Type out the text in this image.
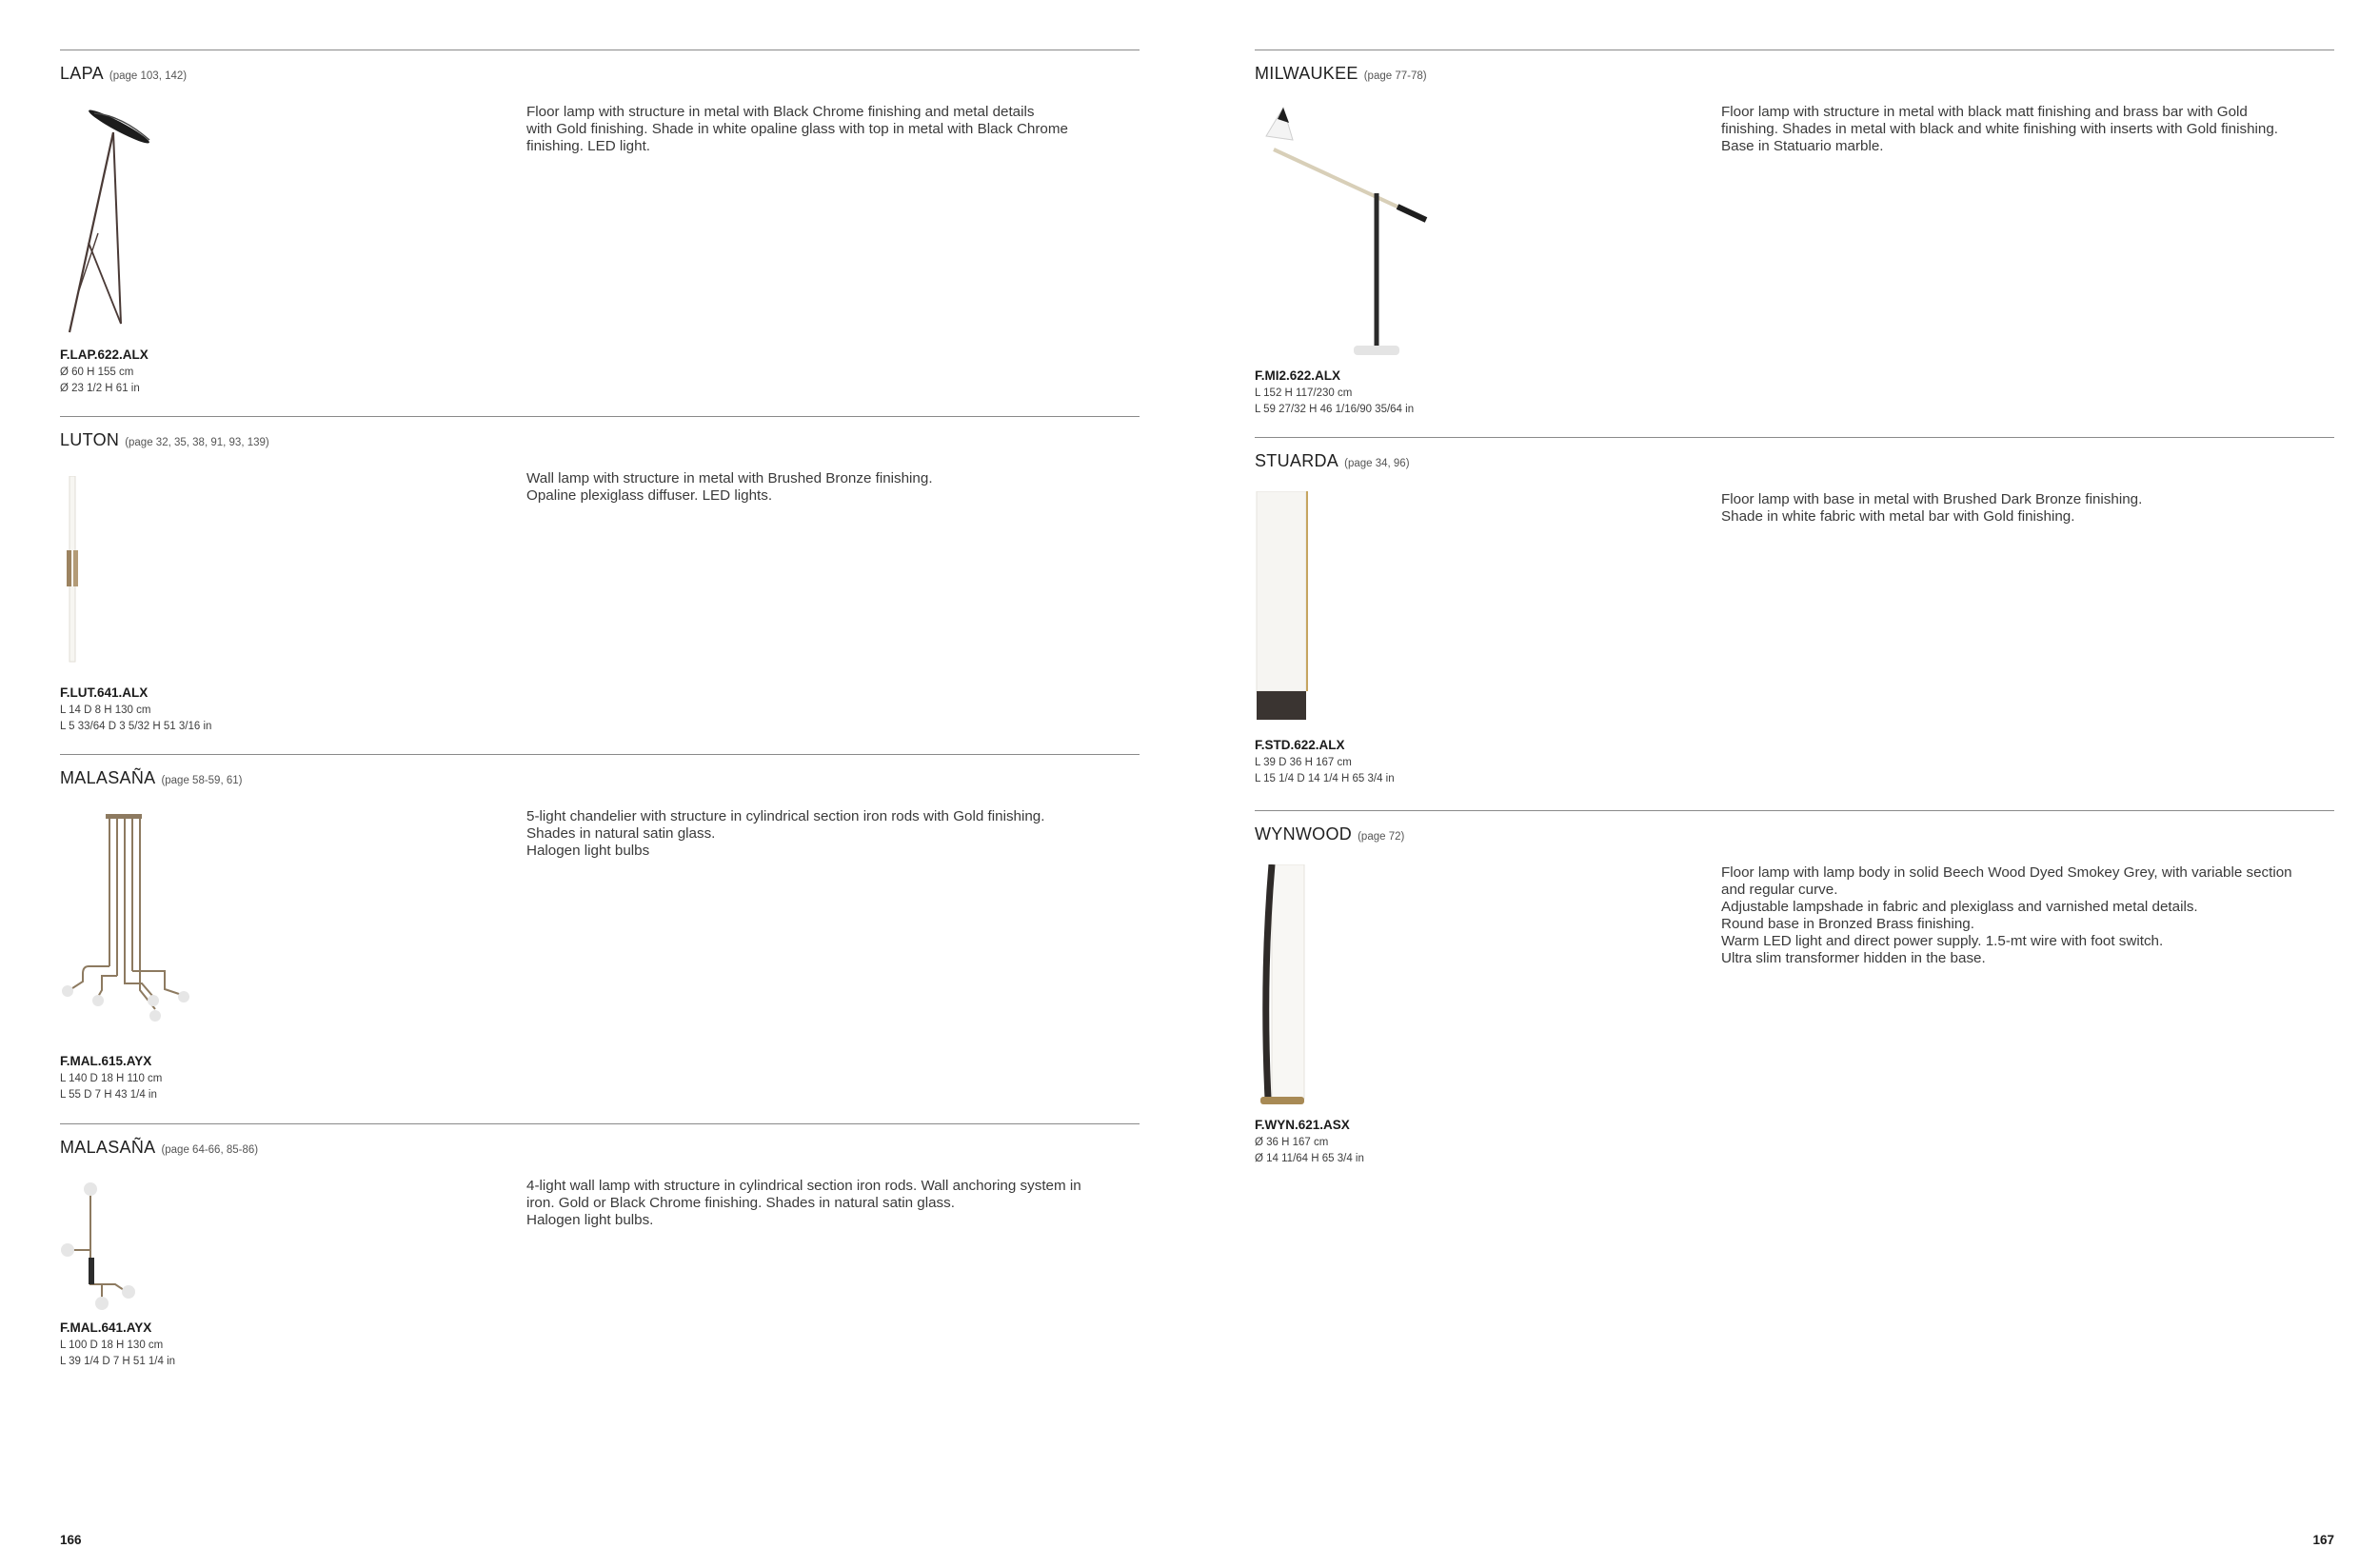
LAPA (page 103, 142)
Floor lamp with structure in metal with Black Chrome finishing and metal details
with Gold finishing. Shade in white opaline glass with top in metal with Black Chrome
finishing. LED light.
F.LAP.622.ALX
Ø 60 H 155 cm
Ø 23 1/2 H 61 in
LUTON (page 32, 35, 38, 91, 93, 139)
Wall lamp with structure in metal with Brushed Bronze finishing.
Opaline plexiglass diffuser. LED lights.
F.LUT.641.ALX
L 14 D 8 H 130 cm
L 5 33/64 D 3 5/32 H 51 3/16 in
MALASAÑA (page 58-59, 61)
5-light chandelier with structure in cylindrical section iron rods with Gold finishing.
Shades in natural satin glass.
Halogen light bulbs
F.MAL.615.AYX
L 140 D 18 H 110 cm
L 55 D 7 H 43 1/4 in
MALASAÑA (page 64-66, 85-86)
4-light wall lamp with structure in cylindrical section iron rods. Wall anchoring system in
iron. Gold or Black Chrome finishing. Shades in natural satin glass.
Halogen light bulbs.
F.MAL.641.AYX
L 100 D 18 H 130 cm
L 39 1/4 D 7 H 51 1/4 in
166
MILWAUKEE (page 77-78)
Floor lamp with structure in metal with black matt finishing and brass bar with Gold
finishing. Shades in metal with black and white finishing with inserts with Gold finishing.
Base in Statuario marble.
F.MI2.622.ALX
L 152 H 117/230 cm
L 59 27/32 H 46 1/16/90 35/64 in
STUARDA (page 34, 96)
Floor lamp with base in metal with Brushed Dark Bronze finishing.
Shade in white fabric with metal bar with Gold finishing.
F.STD.622.ALX
L 39 D 36 H 167 cm
L 15 1/4 D 14 1/4 H 65 3/4 in
WYNWOOD (page 72)
Floor lamp with lamp body in solid Beech Wood Dyed Smokey Grey, with variable section
and regular curve.
Adjustable lampshade in fabric and plexiglass and varnished metal details.
Round base in Bronzed Brass finishing.
Warm LED light and direct power supply. 1.5-mt wire with foot switch.
Ultra slim transformer hidden in the base.
F.WYN.621.ASX
Ø 36 H 167 cm
Ø 14 11/64 H 65 3/4 in
167
